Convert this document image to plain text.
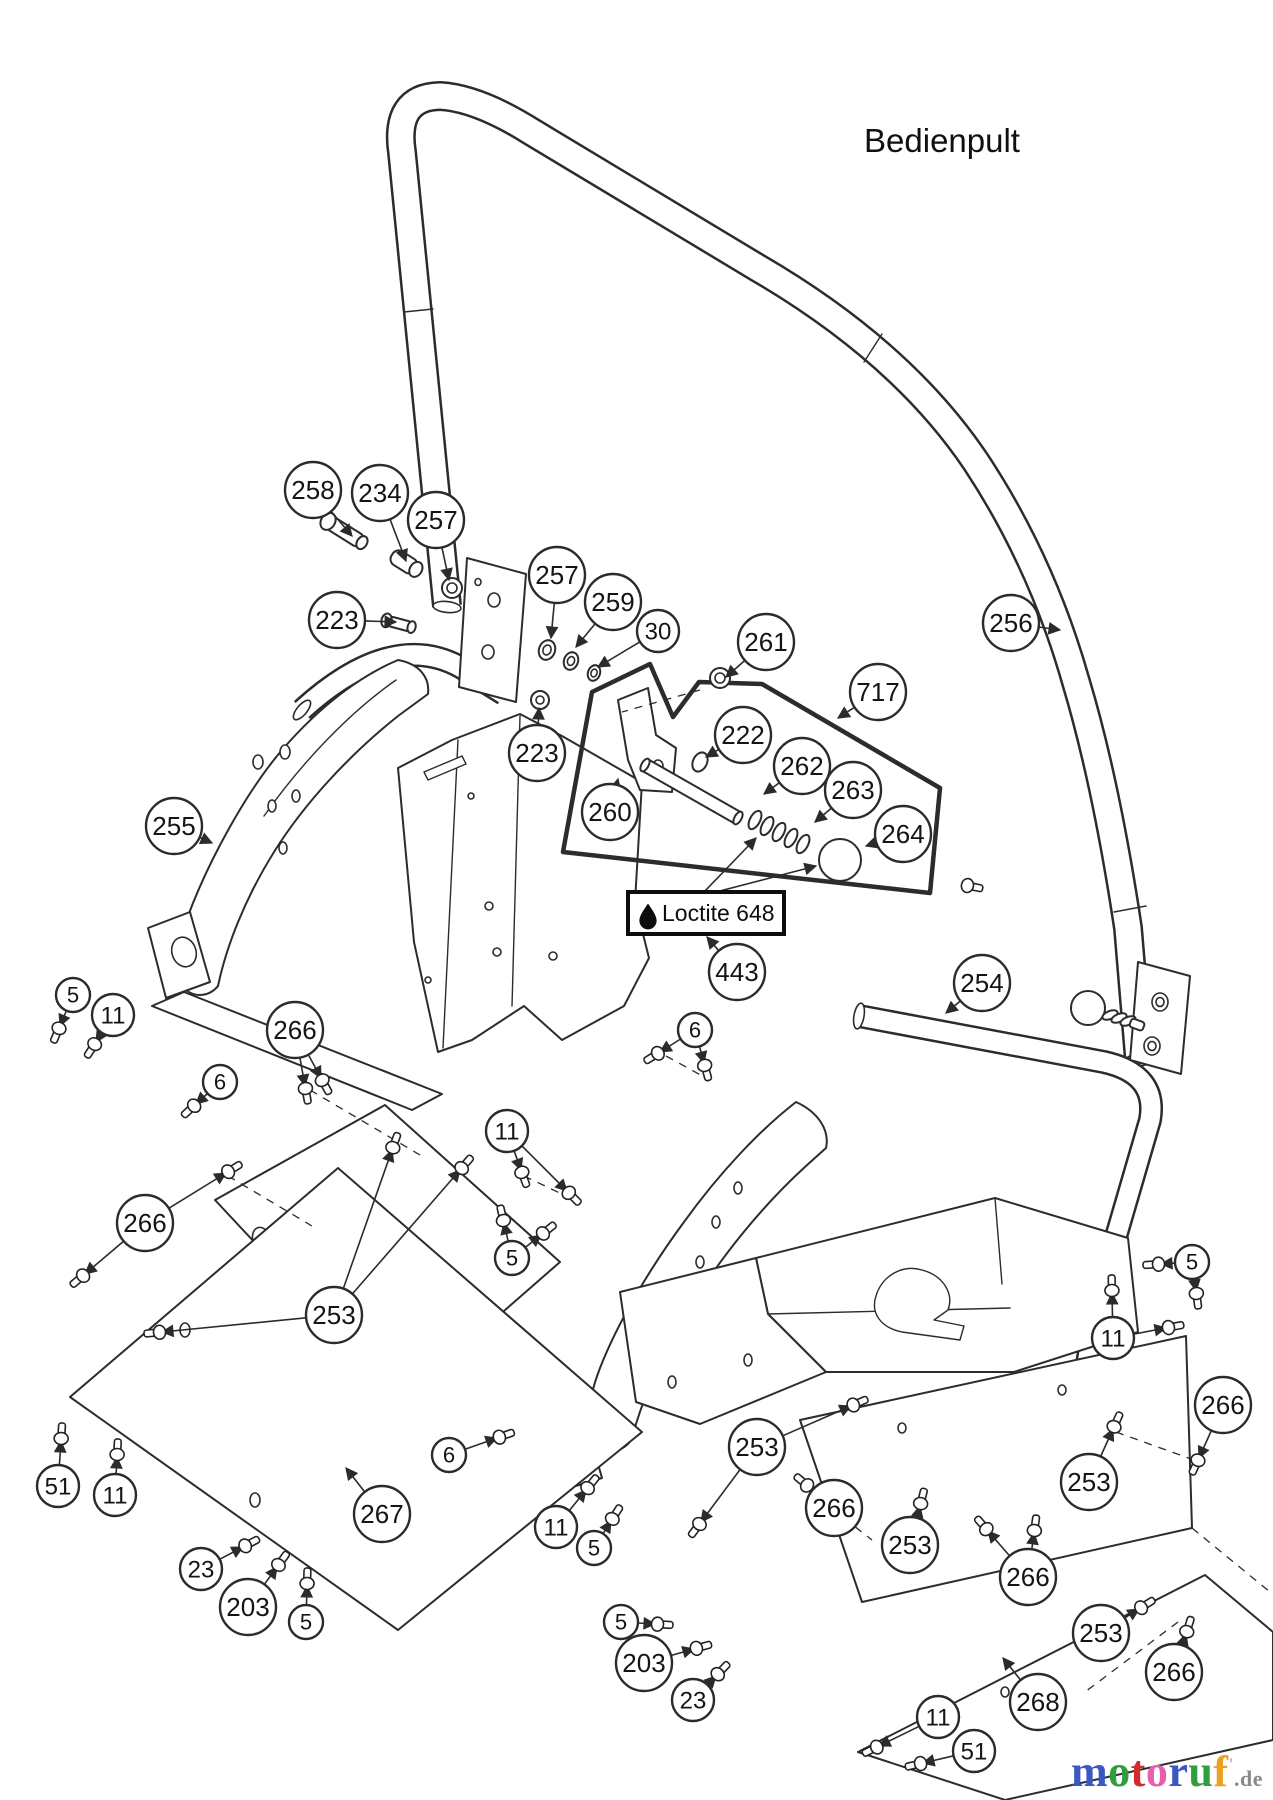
258 234
257
223
257
259
30	261
717
222
262
263
264
223
260
256
255
443	254
5
11	266
6
6
11
266
253
5
51 11
267
23
203
5
6
11
5
253
266
253
266
253
266
5
11
253
266
268
11
51
5
203
23
Loctite 648
Bedienpult
motoruf'.de
